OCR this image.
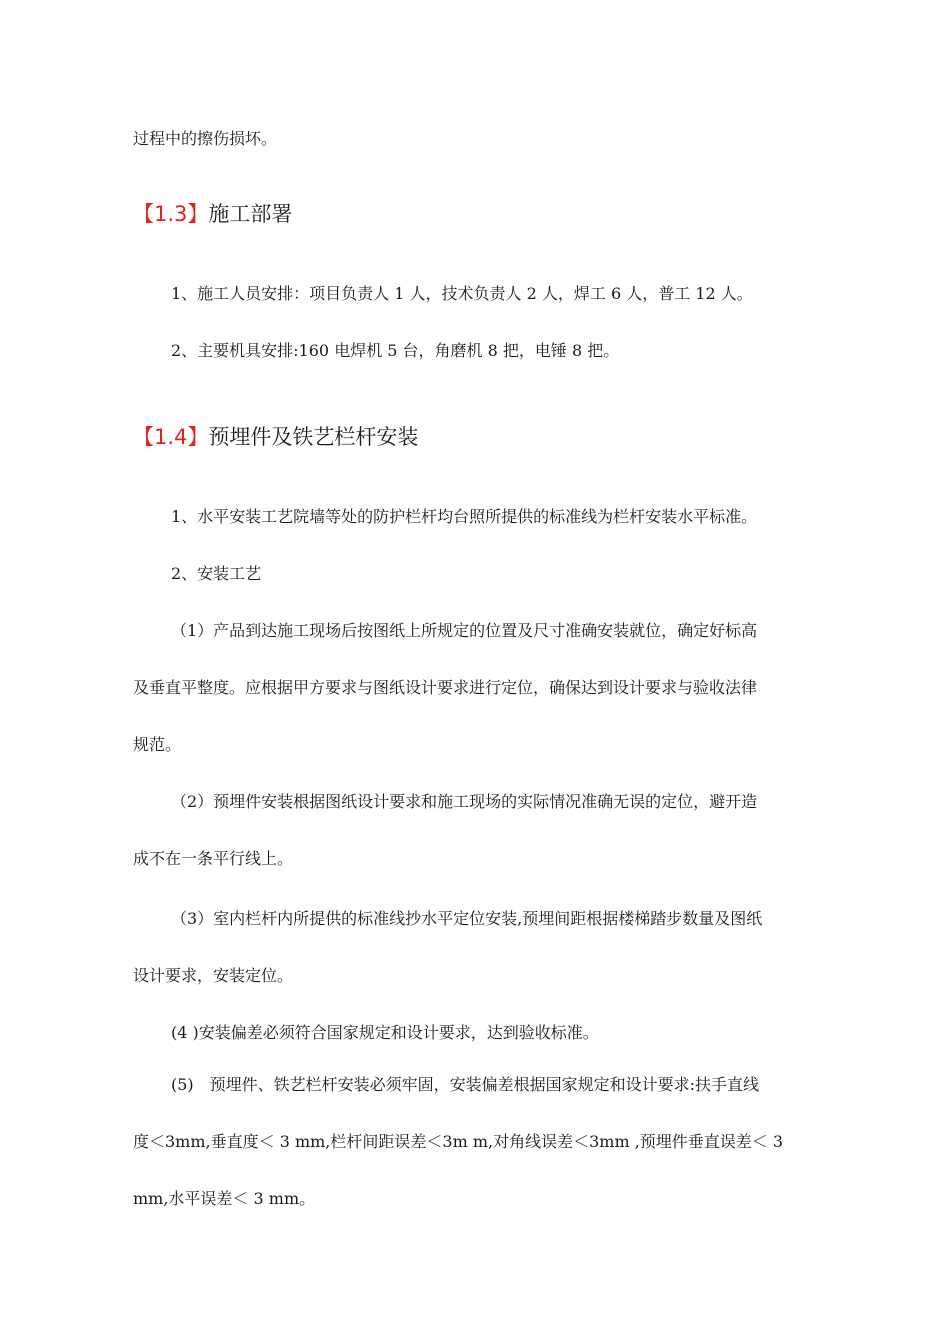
过程中的擦伤损坏。
【1.3】施工部署
1、施工人员安排：项目负责人 1 人，技术负责人 2 人，焊工 6 人，普工 12 人。
2、主要机具安排:160 电焊机 5 台，角磨机 8 把，电锤 8 把。
【1.4】预埋件及铁艺栏杆安装
1、水平安装工艺院墙等处的防护栏杆均台照所提供的标准线为栏杆安装水平标准。
2、安装工艺
（1）产品到达施工现场后按图纸上所规定的位置及尺寸准确安装就位，确定好标高
及垂直平整度。应根据甲方要求与图纸设计要求进行定位，确保达到设计要求与验收法律
规范。
（2）预埋件安装根据图纸设计要求和施工现场的实际情况准确无误的定位，避开造
成不在一条平行线上。
（3）室内栏杆内所提供的标准线抄水平定位安装,预埋间距根据楼梯踏步数量及图纸
设计要求，安装定位。
(4 )安装偏差必须符合国家规定和设计要求，达到验收标准。
(5)　预埋件、铁艺栏杆安装必须牢固，安装偏差根据国家规定和设计要求:扶手直线
度＜3mm,垂直度＜ 3 mm,栏杆间距误差＜3m m,对角线误差＜3mm ,预埋件垂直误差＜ 3
mm,水平误差＜ 3 mm。
